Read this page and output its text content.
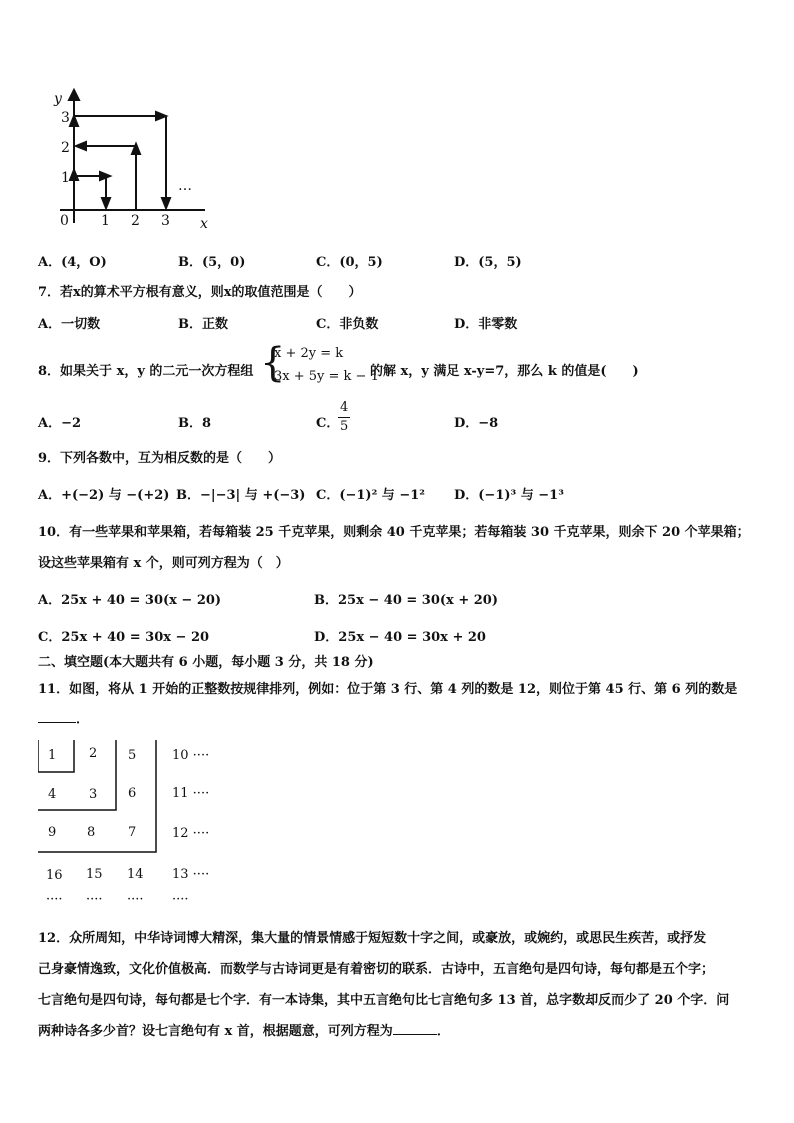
y
x
0 1 2 3
1
2
3
…
A．(4，O)	B．(5，0)	C．(0，5)	D．(5，5)
7．若x的算术平方根有意义，则x的取值范围是（　　）
A．一切数	B．正数	C．非负数	D．非零数
8．如果关于 x，y 的二元一次方程组 {
x + 2y = k
3x + 5y = k − 1
的解 x，y 满足 x-y=7，那么 k 的值是(　　)
A．−2	B．8	C．
$\frac{4}{5}$	D．−8
9．下列各数中，互为相反数的是（　　）
A．+(−2) 与 −(+2) B．−|−3| 与 +(−3) C．(−1)² 与 −1² D．(−1)³ 与 −1³
10．有一些苹果和苹果箱，若每箱装 25 千克苹果，则剩余 40 千克苹果；若每箱装 30 千克苹果，则余下 20 个苹果箱；
设这些苹果箱有 x 个，则可列方程为（　）
A．25x + 40 = 30(x − 20)	B．25x − 40 = 30(x + 20)
C．25x + 40 = 30x − 20	D．25x − 40 = 30x + 20
二、填空题(本大题共有 6 小题，每小题 3 分，共 18 分)
11．如图，将从 1 开始的正整数按规律排列，例如：位于第 3 行、第 4 列的数是 12，则位于第 45 行、第 6 列的数是
．
1	2 5	10 ····
4	3 6	11 ····
9 8	7	12 ····
16 15 14 13 ····
···· ···· ···· ····
12．众所周知，中华诗词博大精深，集大量的情景情感于短短数十字之间，或豪放，或婉约，或思民生疾苦，或抒发
己身豪情逸致，文化价值极高．而数学与古诗词更是有着密切的联系．古诗中，五言绝句是四句诗，每句都是五个字；
七言绝句是四句诗，每句都是七个字．有一本诗集，其中五言绝句比七言绝句多 13 首，总字数却反而少了 20 个字．问
两种诗各多少首？设七言绝句有 x 首，根据题意，可列方程为	．
